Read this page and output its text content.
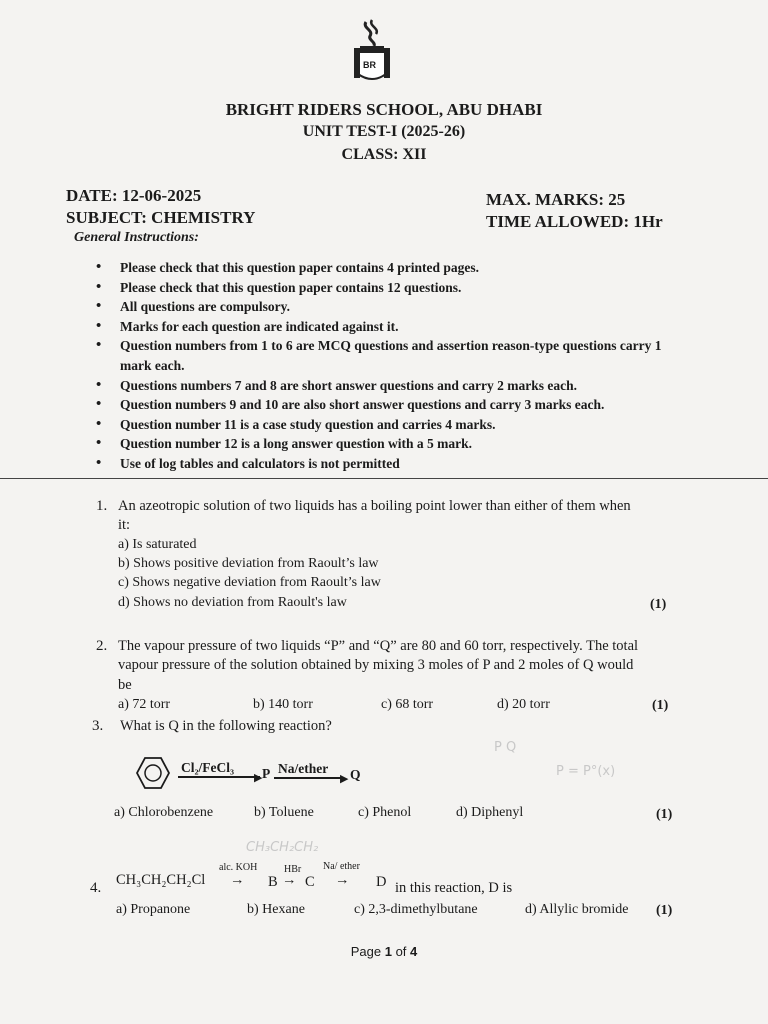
BR
BRIGHT RIDERS SCHOOL, ABU DHABI
UNIT TEST-I (2025-26)
CLASS: XII
DATE: 12-06-2025
SUBJECT: CHEMISTRY
MAX. MARKS: 25
TIME ALLOWED: 1Hr
General Instructions:
• Please check that this question paper contains 4 printed pages.
• Please check that this question paper contains 12 questions.
• All questions are compulsory.
• Marks for each question are indicated against it.
• Question numbers from 1 to 6 are MCQ questions and assertion reason-type questions carry 1 mark each.
• Questions numbers 7 and 8 are short answer questions and carry 2 marks each.
• Question numbers 9 and 10 are also short answer questions and carry 3 marks each.
• Question number 11 is a case study question and carries 4 marks.
• Question number 12 is a long answer question with a 5 mark.
• Use of log tables and calculators is not permitted
1. An azeotropic solution of two liquids has a boiling point lower than either of them when
it:
a) Is saturated
b) Shows positive deviation from Raoult’s law
c) Shows negative deviation from Raoult’s law
d) Shows no deviation from Raoult's law	(1)
2. The vapour pressure of two liquids “P” and “Q” are 80 and 60 torr, respectively. The total
vapour pressure of the solution obtained by mixing 3 moles of P and 2 moles of Q would
be
a) 72 torr	b) 140 torr	c) 68 torr	d) 20 torr	(1)
3. What is Q in the following reaction?
Cl₂/FeCl₃
▶ P Na/ether
▶ Q
a) Chlorobenzene	b) Toluene	c) Phenol	d) Diphenyl	(1)
4. CH₃CH₂CH₂Cl
alc. KOH
→ B
HBr
→ C
Na/ ether
→ D in this reaction, D is
a) Propanone	b) Hexane	c) 2,3-dimethylbutane	d) Allylic bromide (1)
CH₃CH₂CH₂
P Q
P = P°(x)
Page 1 of 4
